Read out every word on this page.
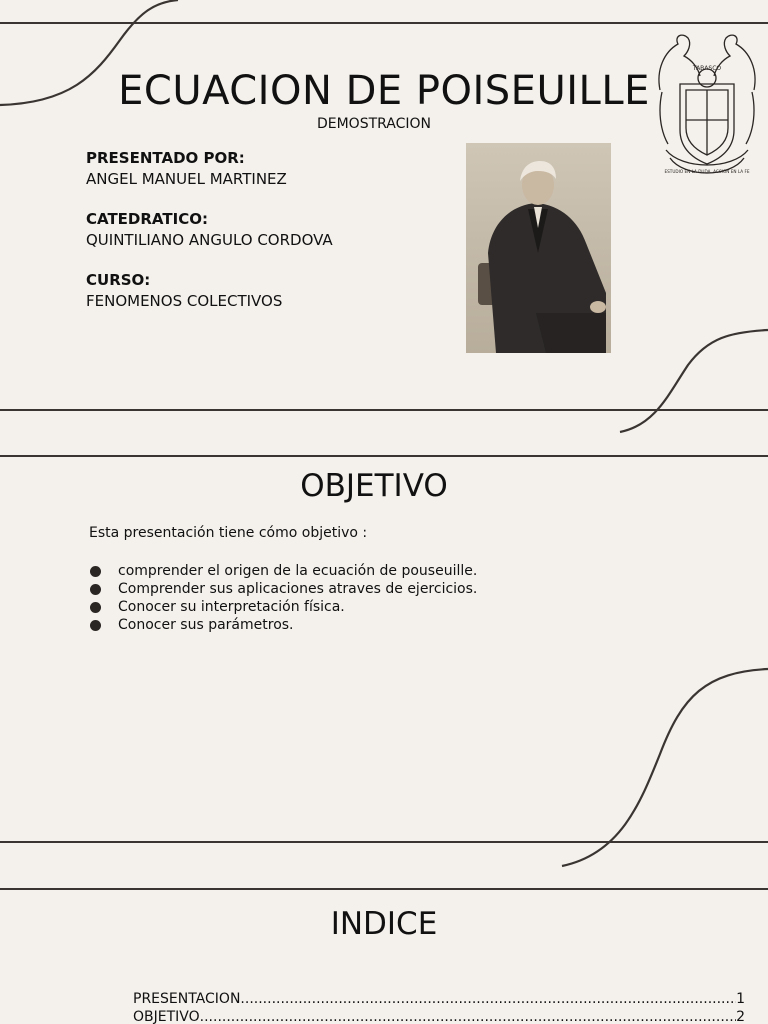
ECUACION DE POISEUILLE
DEMOSTRACION
PRESENTADO POR:
ANGEL MANUEL MARTINEZ
CATEDRATICO:
QUINTILIANO ANGULO CORDOVA
CURSO:
FENOMENOS COLECTIVOS
TABASCO
ESTUDIO EN LA DUDA. ACCION EN LA FE
OBJETIVO
Esta presentación tiene cómo objetivo :
comprender el origen de la ecuación de pouseuille.
Comprender sus aplicaciones atraves de ejercicios.
Conocer su interpretación física.
Conocer sus parámetros.
INDICE
PRESENTACION .....	1
OBJETIVO .....	2
